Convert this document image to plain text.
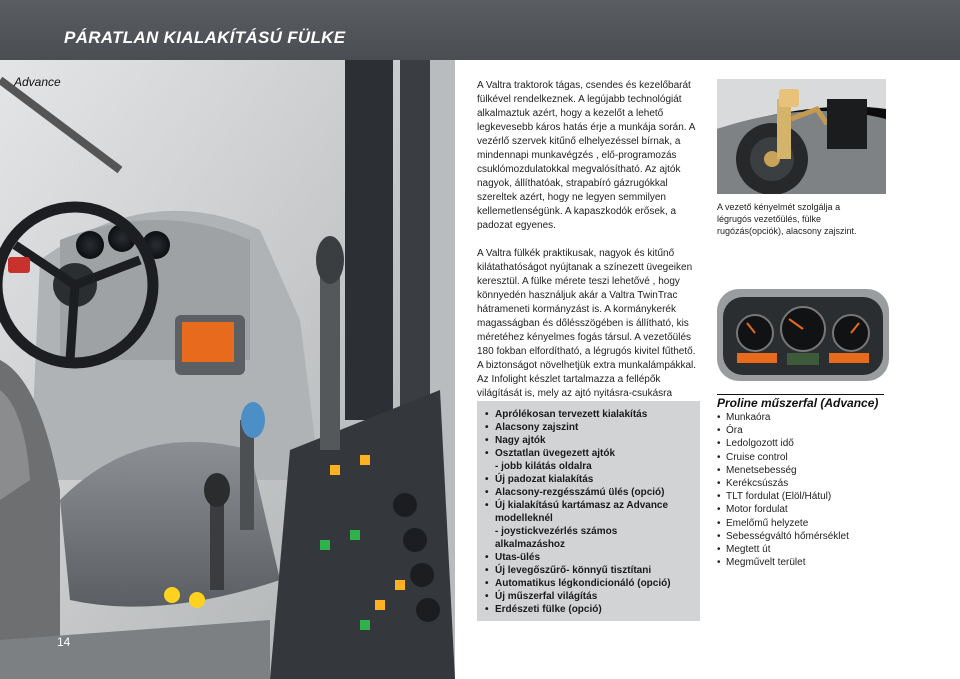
PÁRATLAN KIALAKÍTÁSÚ FÜLKE
Advance
14

A Valtra traktorok tágas, csendes és kezelőbarát fülkével rendelkeznek. A legújabb technológiát alkalmaztuk azért, hogy a kezelőt a lehető legkevesebb káros hatás érje a munkája során. A vezérlő szervek kitűnő elhelyezéssel bírnak, a mindennapi munkavégzés , elő-programozás csuklómozdulatokkal megvalósítható. Az ajtók nagyok, állíthatóak, strapabíró gázrugókkal szereltek azért, hogy ne legyen semmilyen kellemetlenségünk. A kapaszkodók erősek, a padozat egyenes.

A Valtra fülkék praktikusak, nagyok és kitűnő kilátathatóságot nyújtanak a színezett üvegeiken keresztül. A fülke mérete teszi lehetővé , hogy könnyedén használjuk akár a Valtra TwinTrac hátrameneti kormányzást is. A kormánykerék magasságban és dőlésszögében is állítható, kis méretéhez kényelmes fogás társul. A vezetőülés 180 fokban elfordítható, a légrugós kivitel fűthető. A biztonságot növelhetjük extra munkalámpákkal. Az Infolight készlet tartalmazza a fellépők világítását is, mely az ajtó nyitásra-csukásra

• Aprólékosan tervezett kialakítás
• Alacsony zajszint
• Nagy ajtók
• Osztatlan üvegezett ajtók
- jobb kilátás oldalra
• Új padozat kialakítás
• Alacsony-rezgésszámú ülés (opció)
• Új kialakítású kartámasz az Advance
modelleknél
- joystickvezérlés számos
alkalmazáshoz
• Utas-ülés
• Új levegőszűrő- könnyű tisztítani
• Automatikus légkondicionáló (opció)
• Új műszerfal világítás
• Erdészeti fülke (opció)
A vezető kényelmét szolgálja a légrugós vezetőülés, fülke rugózás(opciók), alacsony zajszint.
Proline műszerfal (Advance)
• Munkaóra
• Óra
• Ledolgozott idő
• Cruise control
• Menetsebesség
• Kerékcsúszás
• TLT fordulat (Elöl/Hátul)
• Motor fordulat
• Emelőmű helyzete
• Sebességváltó hőmérséklet
• Megtett út
• Megművelt terület
